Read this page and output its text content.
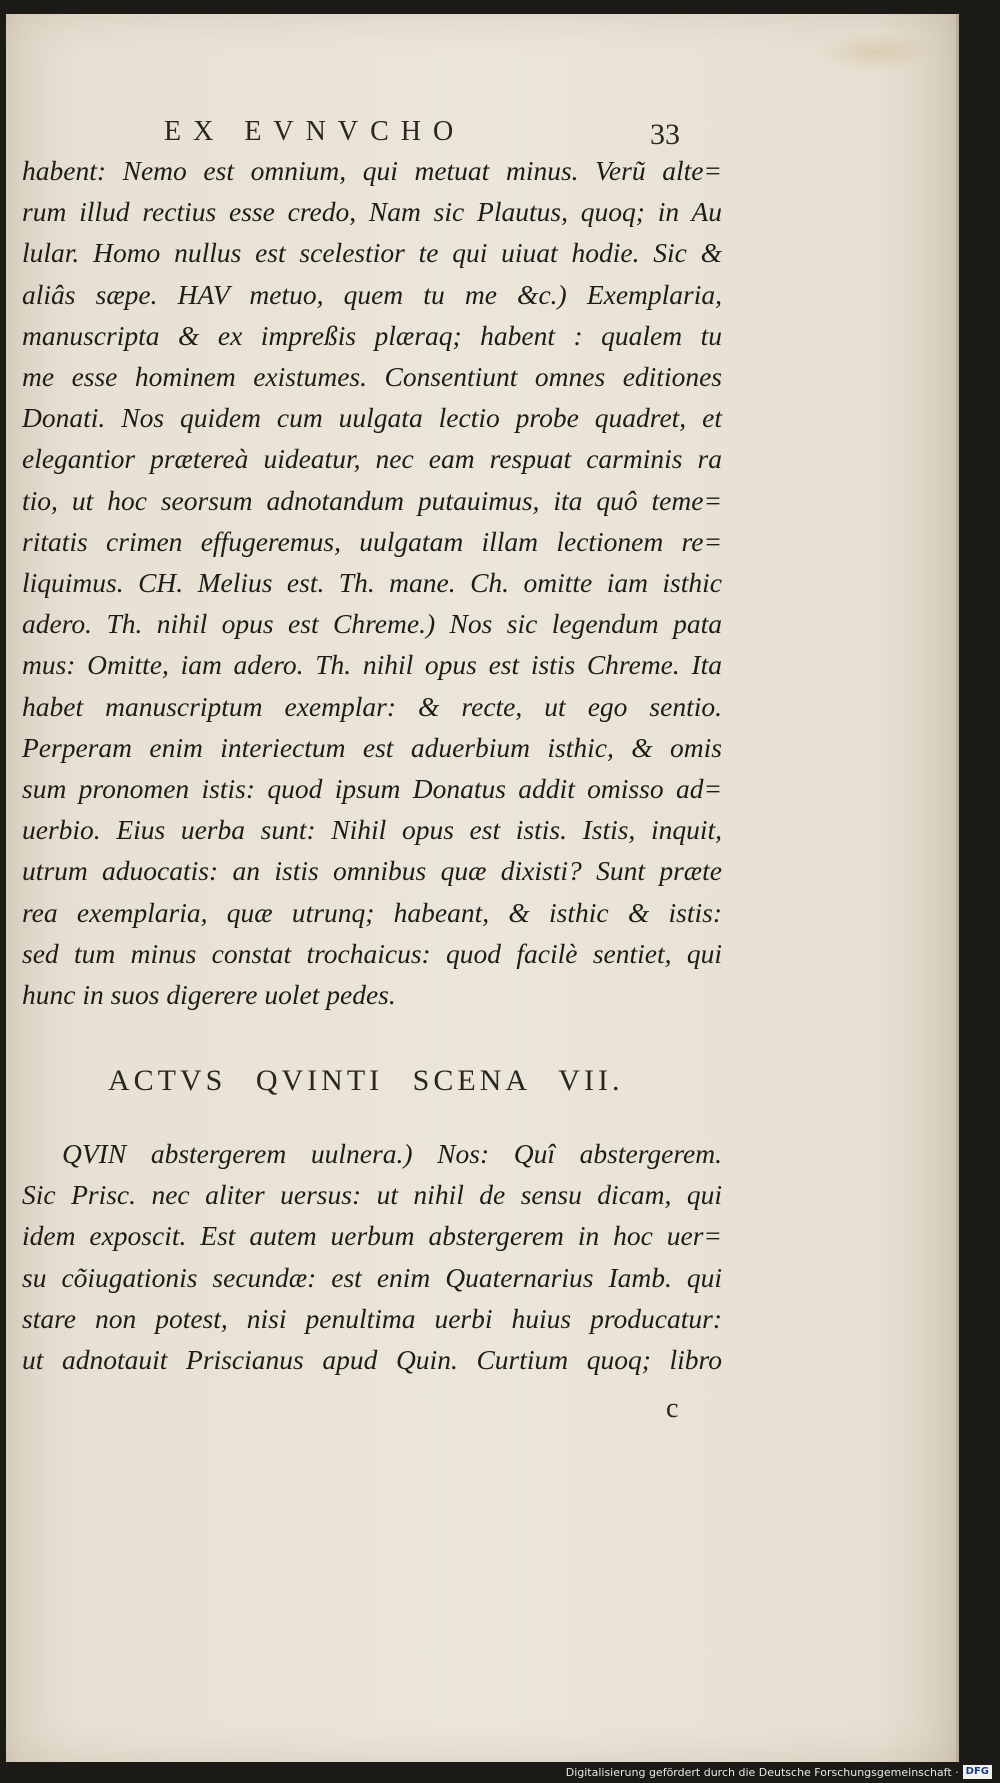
EX EVNVCHO	33
habent: Nemo est omnium, qui metuat minus. Verũ alte=
rum illud rectius esse credo, Nam sic Plautus, quoq; in Au
lular. Homo nullus est scelestior te qui uiuat hodie. Sic &
aliâs sæpe. HAV metuo, quem tu me &c.) Exemplaria,
manuscripta & ex impreßis plæraq; habent : qualem tu
me esse hominem existumes. Consentiunt omnes editiones
Donati. Nos quidem cum uulgata lectio probe quadret, et
elegantior prætereà uideatur, nec eam respuat carminis ra
tio, ut hoc seorsum adnotandum putauimus, ita quô teme=
ritatis crimen effugeremus, uulgatam illam lectionem re=
liquimus. CH. Melius est. Th. mane. Ch. omitte iam isthic
adero. Th. nihil opus est Chreme.) Nos sic legendum pata
mus: Omitte, iam adero. Th. nihil opus est istis Chreme. Ita
habet manuscriptum exemplar: & recte, ut ego sentio.
Perperam enim interiectum est aduerbium isthic, & omis
sum pronomen istis: quod ipsum Donatus addit omisso ad=
uerbio. Eius uerba sunt: Nihil opus est istis. Istis, inquit,
utrum aduocatis: an istis omnibus quæ dixisti? Sunt præte
rea exemplaria, quæ utrunq; habeant, & isthic & istis:
sed tum minus constat trochaicus: quod facilè sentiet, qui
hunc in suos digerere uolet pedes.
ACTVS QVINTI SCENA VII.
QVIN abstergerem uulnera.) Nos: Quî abstergerem.
Sic Prisc. nec aliter uersus: ut nihil de sensu dicam, qui
idem exposcit. Est autem uerbum abstergerem in hoc uer=
su cõiugationis secundæ: est enim Quaternarius Iamb. qui
stare non potest, nisi penultima uerbi huius producatur:
ut adnotauit Priscianus apud Quin. Curtium quoq; libro
c
Digitalisierung gefördert durch die Deutsche Forschungsgemeinschaft · DFG
